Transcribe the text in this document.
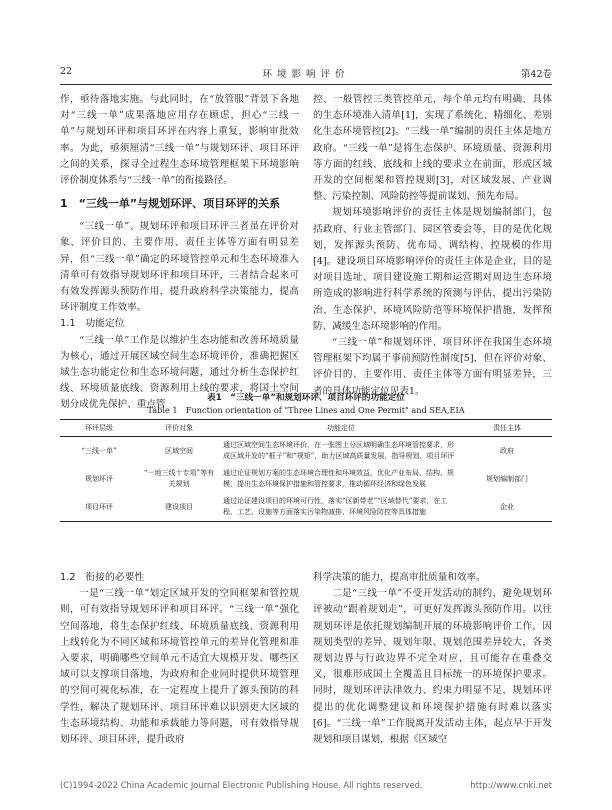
22	环境影响评价	第42卷

作，亟待落地实施。与此同时，在“放管服”背景下各地对“三线一单”成果落地应用存在顾虑，担心“三线一单”与规划环评和项目环评在内容上重复，影响审批效率。为此，亟须厘清“三线一单”与规划环评、项目环评之间的关系，探寻全过程生态环境管理框架下环境影响评价制度体系与“三线一单”的衔接路径。

1　“三线一单”与规划环评、项目环评的关系

“三线一单”、规划环评和项目环评三者虽在评价对象、评价目的、主要作用、责任主体等方面有明显差异，但“三线一单”确定的环境管控单元和生态环境准入清单可有效指导规划环评和项目环评，三者结合起来可有效发挥源头预防作用，提升政府科学决策能力，提高环评制度工作效率。

1.1　功能定位

“三线一单”工作是以维护生态功能和改善环境质量为核心，通过开展区域空间生态环境评价，准确把握区域生态功能定位和生态环境问题，通过分析生态保护红线、环境质量底线、资源利用上线的要求，将国土空间划分成优先保护、重点管

控、一般管控三类管控单元，每个单元均有明确、具体的生态环境准入清单[1]，实现了系统化、精细化、差别化生态环境管控[2]。“三线一单”编制的责任主体是地方政府。“三线一单”是将生态保护、环境质量、资源利用等方面的红线、底线和上线的要求立在前面，形成区域开发的空间框架和管控规则[3]，对区域发展、产业调整、污染控制、风险防控等提前谋划、预先布局。

规划环境影响评价的责任主体是规划编制部门，包括政府、行业主管部门、园区管委会等，目的是优化规划，发挥源头预防、优布局、调结构、控规模的作用[4]。建设项目环境影响评价的责任主体是企业，目的是对项目选址、项目建设施工期和运营期对周边生态环境所造成的影响进行科学系统的预测与评估，提出污染防治、生态保护、环境风险防范等环境保护措施，发挥预防、减缓生态环境影响的作用。

“三线一单”和规划环评、项目环评在我国生态环境管理框架下均属于事前预防性制度[5]，但在评价对象、评价目的、主要作用、责任主体等方面有明显差异，三者的具体功能定位见表1。

表1　“三线一单”和规划环评、项目环评的功能定位
Table 1　Function orientation of "Three Lines and One Permit" and SEA,EIA
环评层级	评价对象	功能定位	责任主体
“三线一单”	区域空间	通过区域空间生态环境评价，在一张图上分区域明确生态环境管控要求，形成区域开发的“框子”和“规矩”，助力区域高质量发展，指导规划、项目环评	政府
规划环评	“一地三线十专项”等有关规划	通过论证规划方案的生态环境合理性和环境效益，优化产业布局、结构、规模，提出生态环境保护措施和管控要求，推动循环经济和绿色发展	规划编制部门
项目环评	建设项目	通过论证建设项目的环境可行性，落实“区新带老”“区域替代”要求，在工程、工艺、设施等方面落实污染物减排、环境风险防控等具体措施	企业
1.2　衔接的必要性

一是“三线一单”划定区域开发的空间框架和管控规则，可有效指导规划环评和项目环评。“三线一单”强化空间落地，将生态保护红线、环境质量底线、资源利用上线转化为不同区域和环境管控单元的差异化管理和准入要求，明确哪些空间单元不适宜大规模开发、哪些区域可以支撑项目落地，为政府和企业同时提供环境管理的空间可视化标准，在一定程度上提升了源头预防的科学性，解决了规划环评、项目环评难以识别更大区域的生态环境结构、功能和承载能力等问题，可有效指导规划环评、项目环评，提升政府

科学决策的能力，提高审批质量和效率。

二是“三线一单”不受开发活动的制约，避免规划环评被动“跟着规划走”，可更好发挥源头预防作用。以往规划环评是依托规划编制开展的环境影响评价工作，因规划类型的差异、规划年限、规划范围差异较大，各类规划边界与行政边界不完全对应，且可能存在重叠交叉，很难形成国土全覆盖且目标统一的环境保护要求。同时，规划环评法律效力、约束力明显不足，规划环评提出的优化调整建议和环境保护措施有时难以落实[6]。“三线一单”工作脱离开发活动主体，起点早于开发规划和项目谋划，根据《区域空

(C)1994-2022 China Academic Journal Electronic Publishing House. All rights reserved.	http://www.cnki.net
